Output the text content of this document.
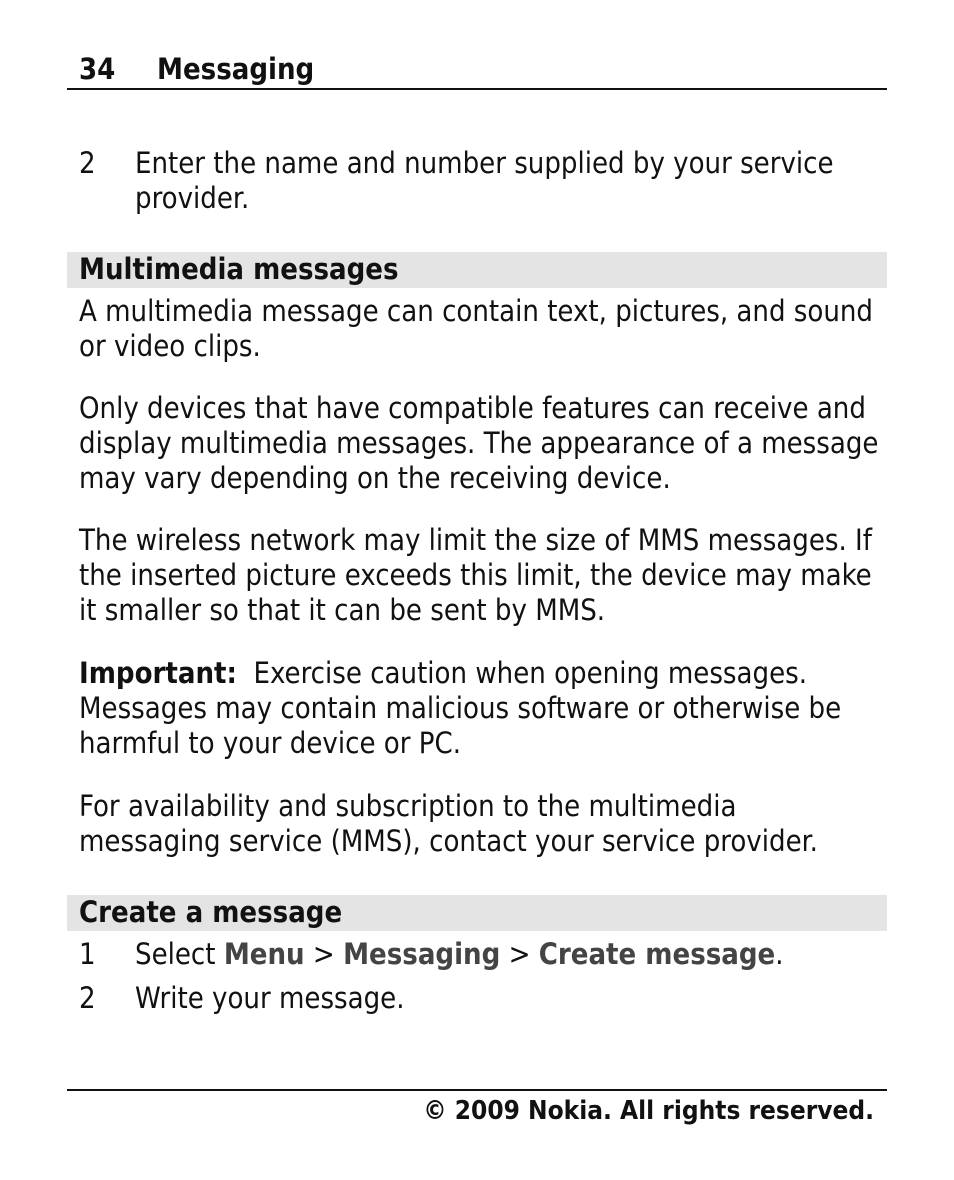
34 Messaging
2	Enter the name and number supplied by your service provider.
Multimedia messages

A multimedia message can contain text, pictures, and sound or video clips.

Only devices that have compatible features can receive and display multimedia messages. The appearance of a message may vary depending on the receiving device.

The wireless network may limit the size of MMS messages. If the inserted picture exceeds this limit, the device may make it smaller so that it can be sent by MMS.

Important: Exercise caution when opening messages. Messages may contain malicious software or otherwise be harmful to your device or PC.

For availability and subscription to the multimedia messaging service (MMS), contact your service provider.

Create a message
1	Select Menu > Messaging > Create message.
2	Write your message.
© 2009 Nokia. All rights reserved.
